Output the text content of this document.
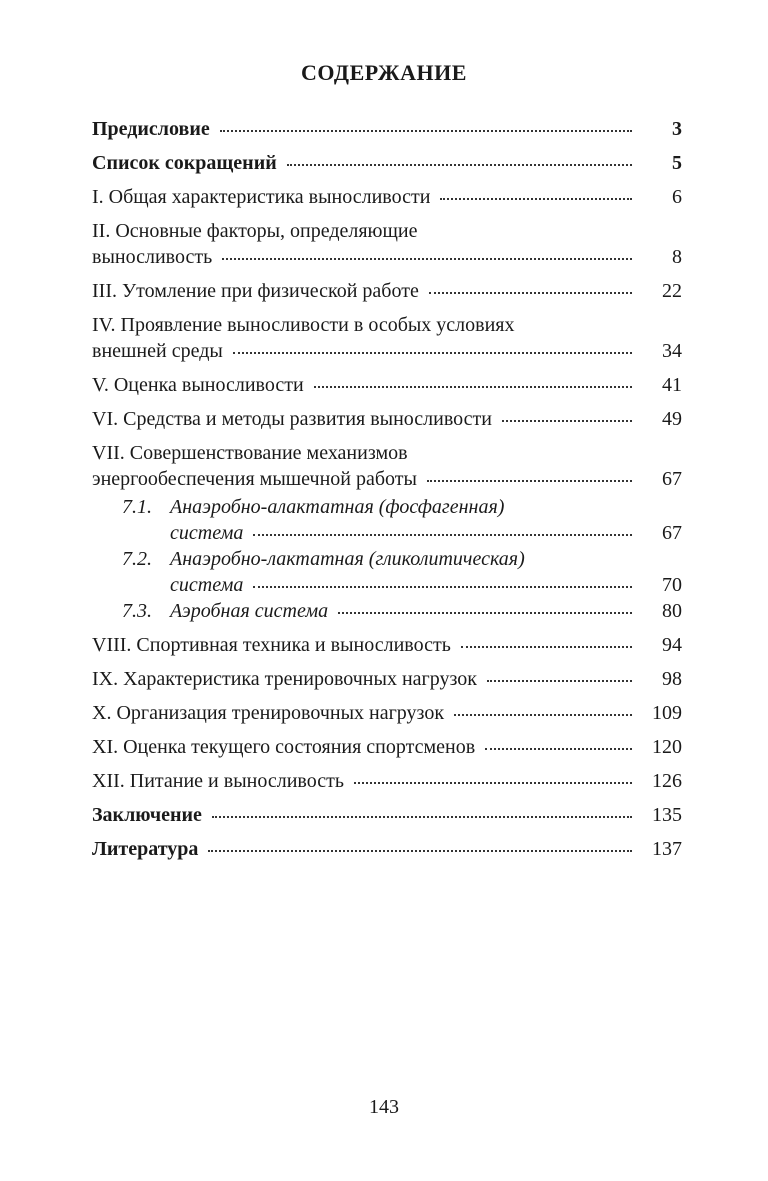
СОДЕРЖАНИЕ
Предисловие	3
Список сокращений	5
I. Общая характеристика выносливости	6
II. Основные факторы, определяющие
выносливость	8
III. Утомление при физической работе	22
IV. Проявление выносливости в особых условиях
внешней среды	34
V. Оценка выносливости	41
VI. Средства и методы развития выносливости	49
VII. Совершенствование механизмов
энергообеспечения мышечной работы	67
7.1. Анаэробно-алактатная (фосфагенная)
система	67
7.2. Анаэробно-лактатная (гликолитическая)
система	70
7.3. Аэробная система	80
VIII. Спортивная техника и выносливость	94
IX. Характеристика тренировочных нагрузок	98
X. Организация тренировочных нагрузок	109
XI. Оценка текущего состояния спортсменов	120
XII. Питание и выносливость	126
Заключение	135
Литература	137
143
